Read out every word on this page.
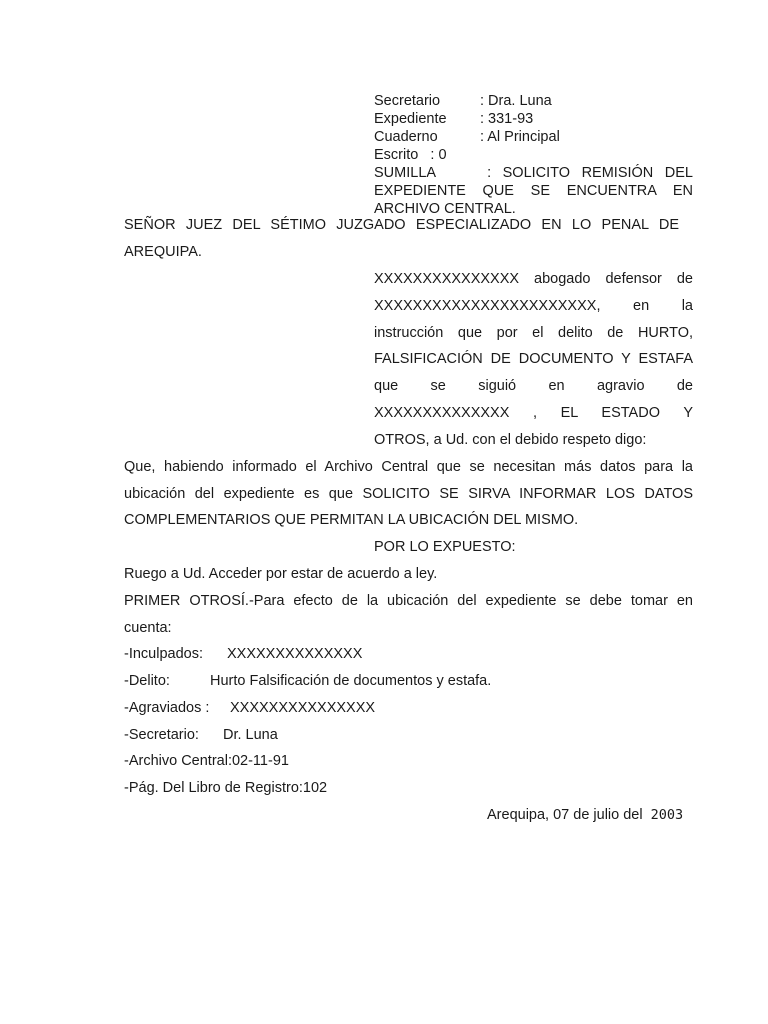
Secretario	: Dra. Luna
Expediente : 331-93
Cuaderno	: Al Principal
Escrito   : 0
SUMILLA         :  SOLICITO  REMISIÓN  DEL EXPEDIENTE  QUE  SE  ENCUENTRA  EN ARCHIVO CENTRAL.
SEÑOR JUEZ DEL SÉTIMO JUZGADO ESPECIALIZADO EN LO PENAL DE
AREQUIPA.
XXXXXXXXXXXXXXX abogado defensor de
XXXXXXXXXXXXXXXXXXXXXXX, en la
instrucción que por el delito de HURTO,
FALSIFICACIÓN DE DOCUMENTO Y ESTAFA
que se siguió en agravio de
XXXXXXXXXXXXXX , EL ESTADO Y
OTROS, a Ud. con el debido respeto digo:
Que, habiendo informado el Archivo Central que se necesitan más datos para la
ubicación del expediente es que SOLICITO SE SIRVA INFORMAR LOS DATOS
COMPLEMENTARIOS QUE PERMITAN LA UBICACIÓN DEL MISMO.
POR LO EXPUESTO:
Ruego a Ud. Acceder por estar de acuerdo a ley.
PRIMER OTROSÍ.-Para efecto de la ubicación del expediente se debe tomar en
cuenta:
-Inculpados: XXXXXXXXXXXXXX
-Delito:	Hurto Falsificación de documentos y estafa.
-Agraviados : XXXXXXXXXXXXXXX
-Secretario: Dr. Luna
-Archivo Central:02-11-91
-Pág. Del Libro de Registro:102
Arequipa, 07 de julio del 2003
